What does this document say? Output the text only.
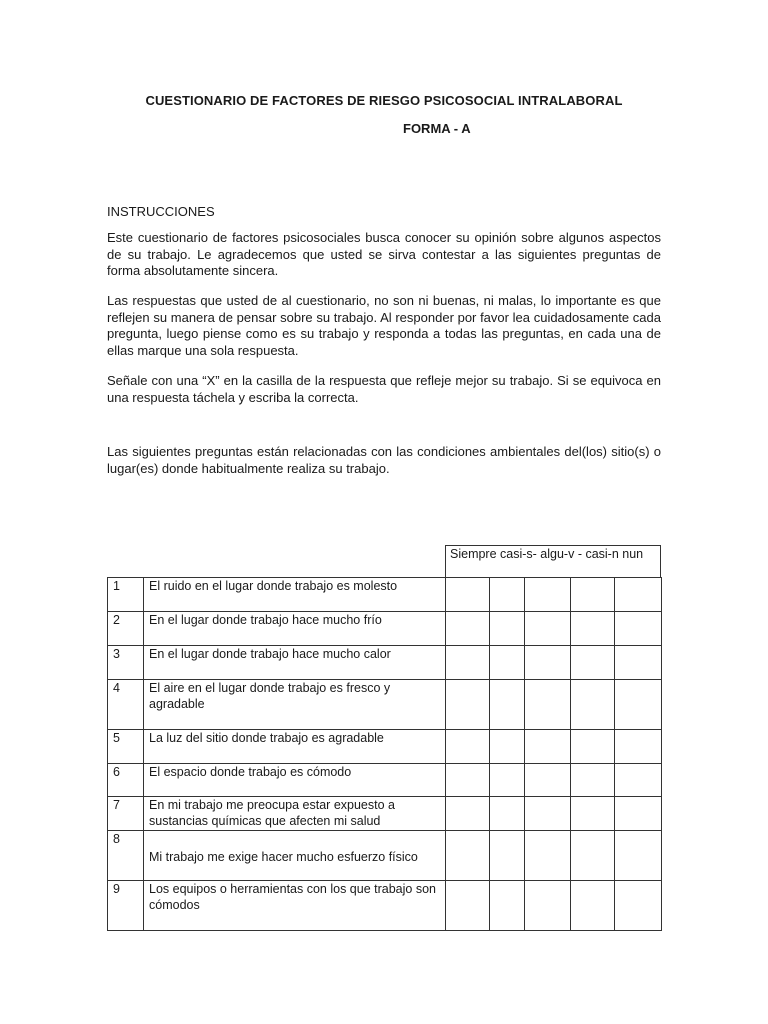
CUESTIONARIO DE FACTORES DE RIESGO PSICOSOCIAL INTRALABORAL
FORMA - A
INSTRUCCIONES

Este cuestionario de factores psicosociales busca conocer su opinión sobre algunos aspectos de su trabajo. Le agradecemos que usted se sirva contestar a las siguientes preguntas de forma absolutamente sincera.

Las respuestas que usted de al cuestionario, no son ni buenas, ni malas, lo importante es que reflejen su manera de pensar sobre su trabajo. Al responder por favor lea cuidadosamente cada pregunta, luego piense como es su trabajo y responda a todas las preguntas, en cada una de ellas marque una sola respuesta.

Señale con una “X” en la casilla de la respuesta que refleje mejor su trabajo. Si se equivoca en una respuesta táchela y escriba la correcta.

Las siguientes preguntas están relacionadas con las condiciones ambientales del(los) sitio(s) o lugar(es) donde habitualmente realiza su trabajo.

Siempre casi-s- algu-v - casi-n nun
1	El ruido en el lugar donde trabajo es molesto					
2	En el lugar donde trabajo hace mucho frío					
3	En el lugar donde trabajo hace mucho calor					
4	El aire en el lugar donde trabajo es fresco y agradable					
5	La luz del sitio donde trabajo es agradable					
6	El espacio donde trabajo es cómodo					
7	En mi trabajo me preocupa estar expuesto a sustancias químicas que afecten mi salud					
8	Mi trabajo me exige hacer mucho esfuerzo físico					
9	Los equipos o herramientas con los que trabajo son cómodos					
